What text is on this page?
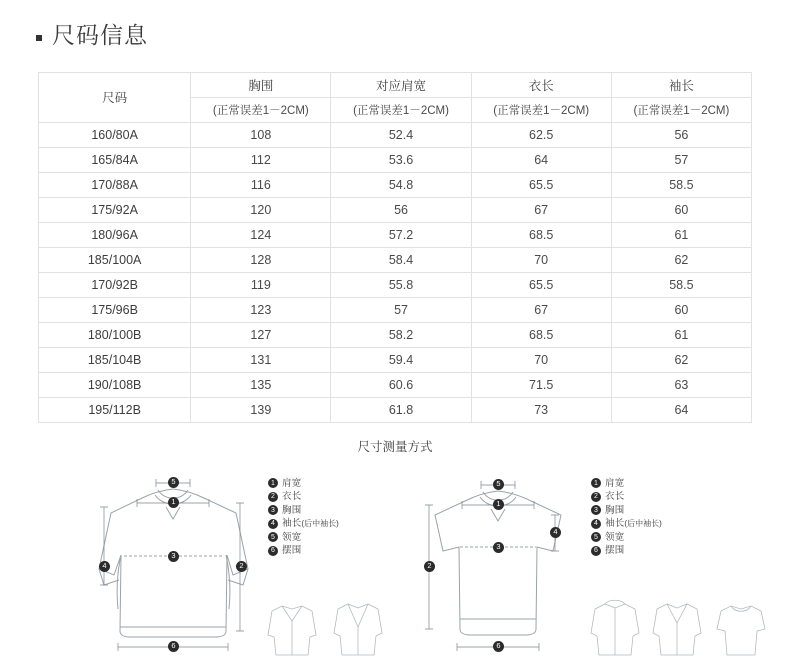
尺码信息
尺码	胸围	对应肩宽	衣长	袖长
	(正常误差1－2CM)	(正常误差1－2CM)	(正常误差1－2CM)	(正常误差1－2CM)
160/80A	108	52.4	62.5	56
165/84A	112	53.6	64	57
170/88A	116	54.8	65.5	58.5
175/92A	120	56	67	60
180/96A	124	57.2	68.5	61
185/100A	128	58.4	70	62
170/92B	119	55.8	65.5	58.5
175/96B	123	57	67	60
180/100B	127	58.2	68.5	61
185/104B	131	59.4	70	62
190/108B	135	60.6	71.5	63
195/112B	139	61.8	73	64
尺寸测量方式
5
1
3
2
4
6
1 肩宽
2 衣长
3 胸围
4 袖长 (后中袖长)
5 领宽
6 摆围
5
1
3
4
2
6
1 肩宽
2 衣长
3 胸围
4 袖长 (后中袖长)
5 领宽
6 摆围
